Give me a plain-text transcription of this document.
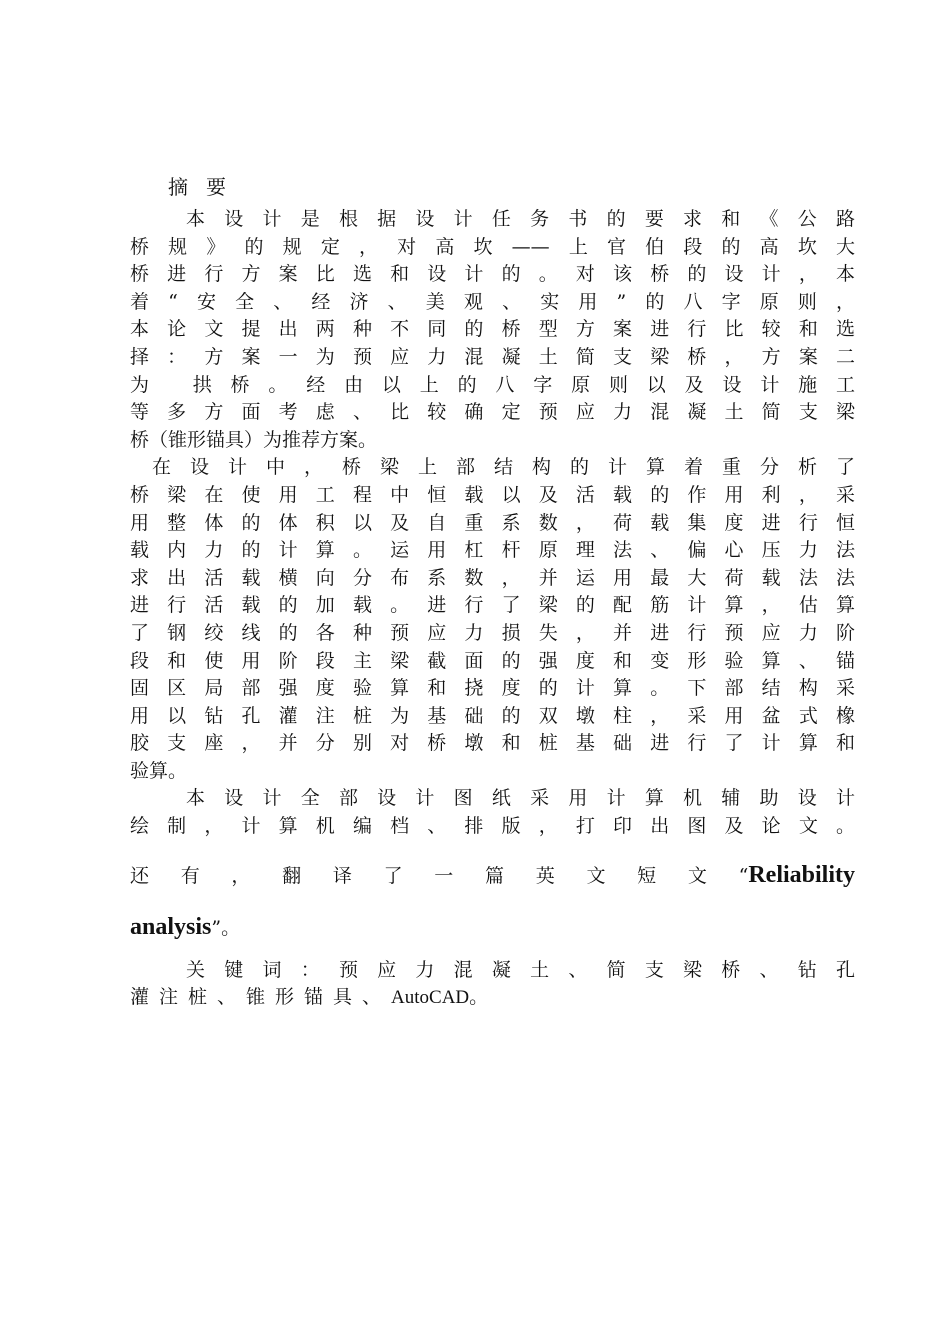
摘要
本设计是根据设计任务书的要求和《公路
桥规》的规定，对高坎——上官伯段的高坎大
桥进行方案比选和设计的。对该桥的设计，本
着“安全、经济、美观、实用”的八字原则，
本论文提出两种不同的桥型方案进行比较和选
择：方案一为预应力混凝土简支梁桥，方案二
为 拱桥。经由以上的八字原则以及设计施工
等多方面考虑、比较确定预应力混凝土简支梁
桥（锥形锚具）为推荐方案。
在设计中，桥梁上部结构的计算着重分析了
桥梁在使用工程中恒载以及活载的作用利，采
用整体的体积以及自重系数，荷载集度进行恒
载内力的计算。运用杠杆原理法、偏心压力法
求出活载横向分布系数，并运用最大荷载法法
进行活载的加载。进行了梁的配筋计算，估算
了钢绞线的各种预应力损失，并进行预应力阶
段和使用阶段主梁截面的强度和变形验算、锚
固区局部强度验算和挠度的计算。下部结构采
用以钻孔灌注桩为基础的双墩柱，采用盆式橡
胶支座，并分别对桥墩和桩基础进行了计算和
验算。
本设计全部设计图纸采用计算机辅助设计
绘制，计算机编档、排版，打印出图及论文。
还有，翻译了一篇英文短文“Reliability
analysis”。
关键词：预应力混凝土、简支梁桥、钻孔
灌注桩、锥形锚具、AutoCAD。
